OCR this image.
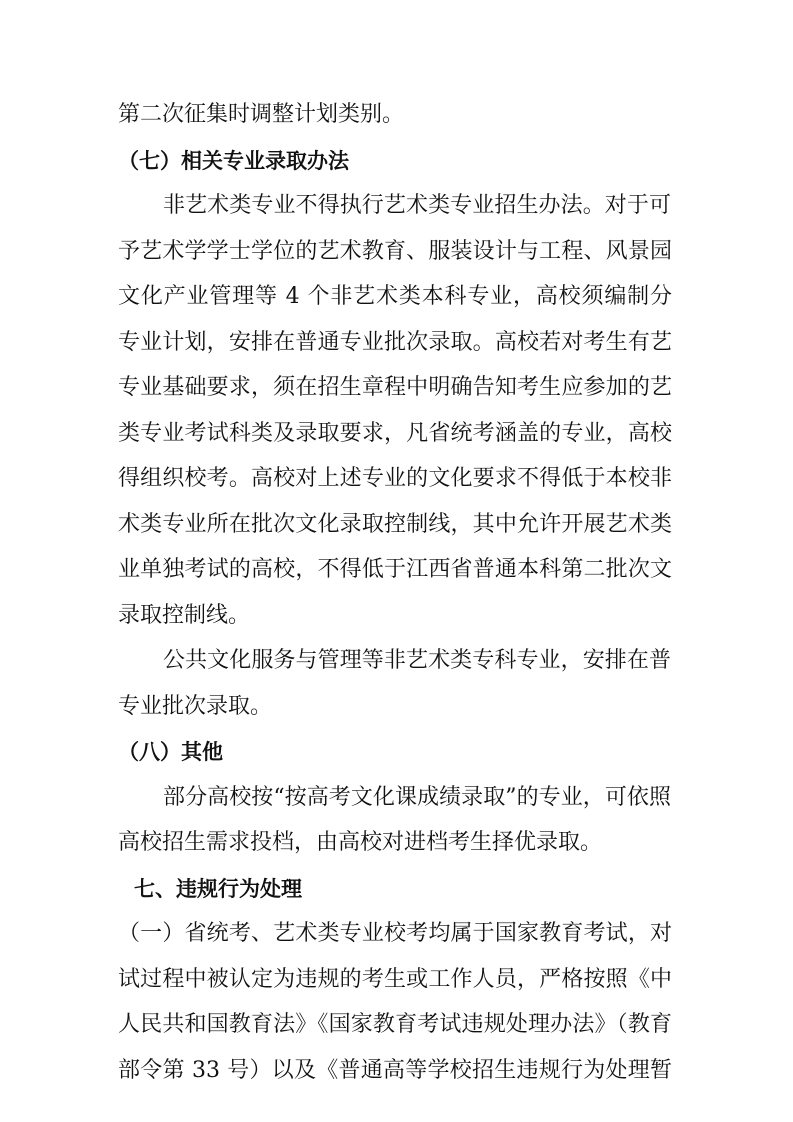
第二次征集时调整计划类别。
（七）相关专业录取办法
非艺术类专业不得执行艺术类专业招生办法。对于可
予艺术学学士学位的艺术教育、服装设计与工程、风景园
文化产业管理等 4 个非艺术类本科专业，高校须编制分
专业计划，安排在普通专业批次录取。高校若对考生有艺
专业基础要求，须在招生章程中明确告知考生应参加的艺
类专业考试科类及录取要求，凡省统考涵盖的专业，高校
得组织校考。高校对上述专业的文化要求不得低于本校非
术类专业所在批次文化录取控制线，其中允许开展艺术类
业单独考试的高校，不得低于江西省普通本科第二批次文
录取控制线。
公共文化服务与管理等非艺术类专科专业，安排在普
专业批次录取。
（八）其他
部分高校按“按高考文化课成绩录取”的专业，可依照
高校招生需求投档，由高校对进档考生择优录取。
七、违规行为处理
（一）省统考、艺术类专业校考均属于国家教育考试，对
试过程中被认定为违规的考生或工作人员，严格按照《中
人民共和国教育法》《国家教育考试违规处理办法》（教育
部令第 33 号）以及《普通高等学校招生违规行为处理暂
